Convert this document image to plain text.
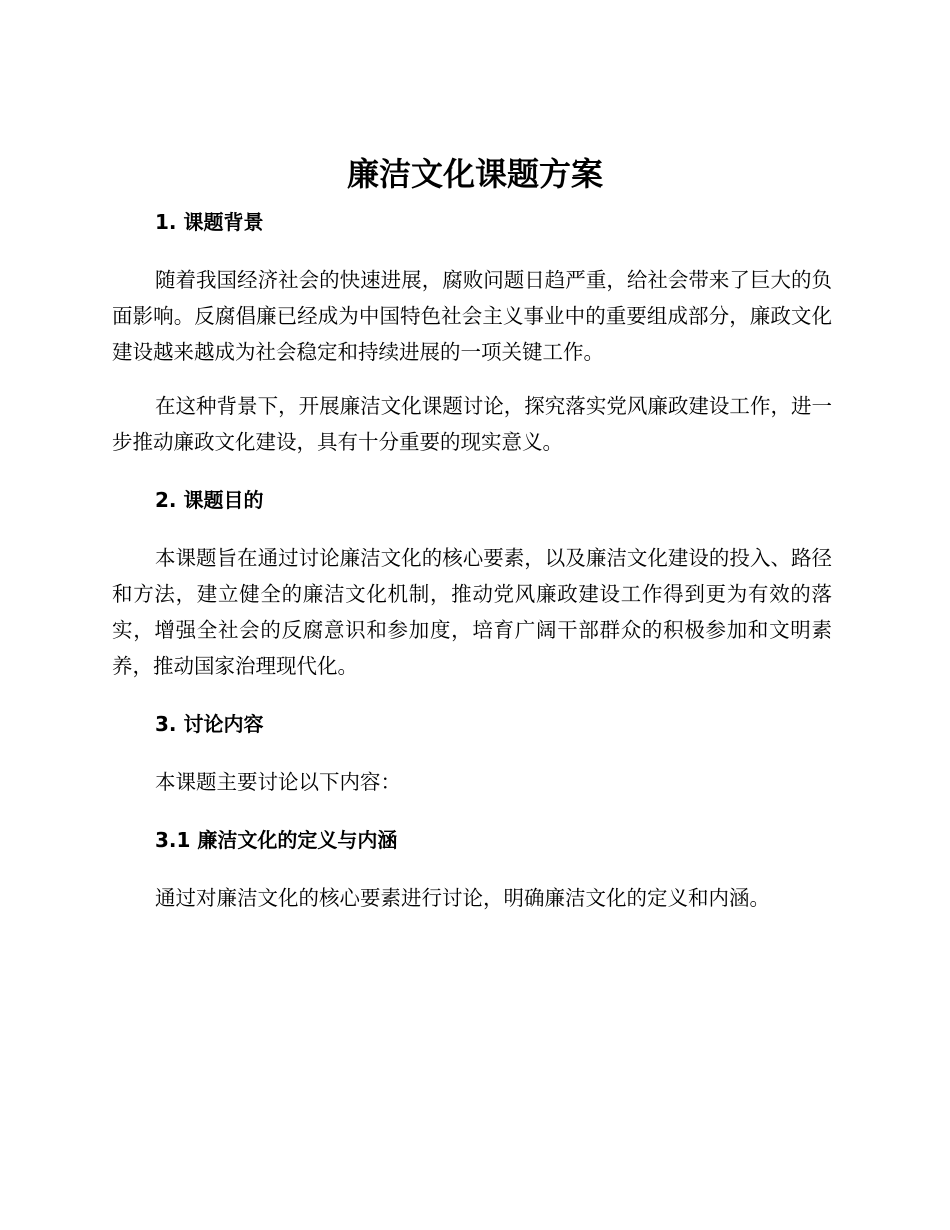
廉洁文化课题方案

1. 课题背景

随着我国经济社会的快速进展，腐败问题日趋严重，给社会带来了巨大的负面影响。反腐倡廉已经成为中国特色社会主义事业中的重要组成部分，廉政文化建设越来越成为社会稳定和持续进展的一项关键工作。

在这种背景下，开展廉洁文化课题讨论，探究落实党风廉政建设工作，进一步推动廉政文化建设，具有十分重要的现实意义。

2. 课题目的

本课题旨在通过讨论廉洁文化的核心要素，以及廉洁文化建设的投入、路径和方法，建立健全的廉洁文化机制，推动党风廉政建设工作得到更为有效的落实，增强全社会的反腐意识和参加度，培育广阔干部群众的积极参加和文明素养，推动国家治理现代化。

3. 讨论内容

本课题主要讨论以下内容：

3.1 廉洁文化的定义与内涵

通过对廉洁文化的核心要素进行讨论，明确廉洁文化的定义和内涵。
